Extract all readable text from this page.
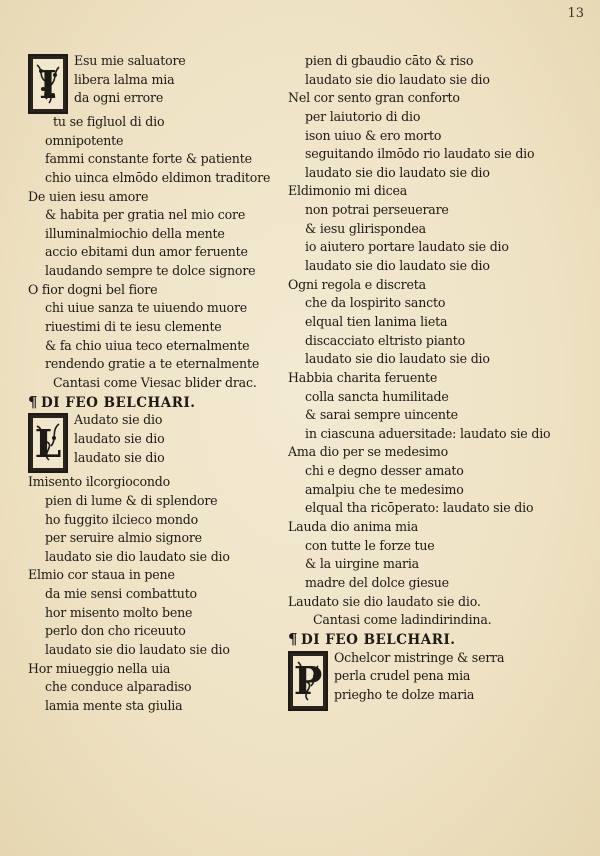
13
I
Esu mie saluatore
libera lalma mia
da ogni errore
tu se figluol di dio
omnipotente
fammi constante forte & patiente
chio uinca elmōdo eldimon traditore
De uien iesu amore
& habita per gratia nel mio core
illuminalmiochio della mente
accio ebitami dun amor feruente
laudando sempre te dolce signore
O fior dogni bel fiore
chi uiue sanza te uiuendo muore
riuestimi di te iesu clemente
& fa chio uiua teco eternalmente
rendendo gratie a te eternalmente
Cantasi come Viesac blider drac.
¶ DI FEO BELCHARI.
L
Audato sie dio
laudato sie dio
laudato sie dio
Imisento ilcorgiocondo
pien di lume & di splendore
ho fuggito ilcieco mondo
per seruire almio signore
laudato sie dio laudato sie dio
Elmio cor staua in pene
da mie sensi combattuto
hor misento molto bene
perlo don cho riceuuto
laudato sie dio laudato sie dio
Hor miueggio nella uia
che conduce alparadiso
lamia mente sta giulia
pien di gbaudio cāto & riso
laudato sie dio laudato sie dio
Nel cor sento gran conforto
per laiutorio di dio
ison uiuo & ero morto
seguitando ilmōdo rio laudato sie dio
laudato sie dio laudato sie dio
Eldimonio mi dicea
non potrai perseuerare
& iesu glirispondea
io aiutero portare laudato sie dio
laudato sie dio laudato sie dio
Ogni regola e discreta
che da lospirito sancto
elqual tien lanima lieta
discacciato eltristo pianto
laudato sie dio laudato sie dio
Habbia charita feruente
colla sancta humilitade
& sarai sempre uincente
in ciascuna aduersitade: laudato sie dio
Ama dio per se medesimo
chi e degno desser amato
amalpiu che te medesimo
elqual tha ricōperato: laudato sie dio
Lauda dio anima mia
con tutte le forze tue
& la uirgine maria
madre del dolce giesue
Laudato sie dio laudato sie dio.
Cantasi come ladindirindina.
¶ DI FEO BELCHARI.
P
Ochelcor mistringe & serra
perla crudel pena mia
priegho te dolze maria
